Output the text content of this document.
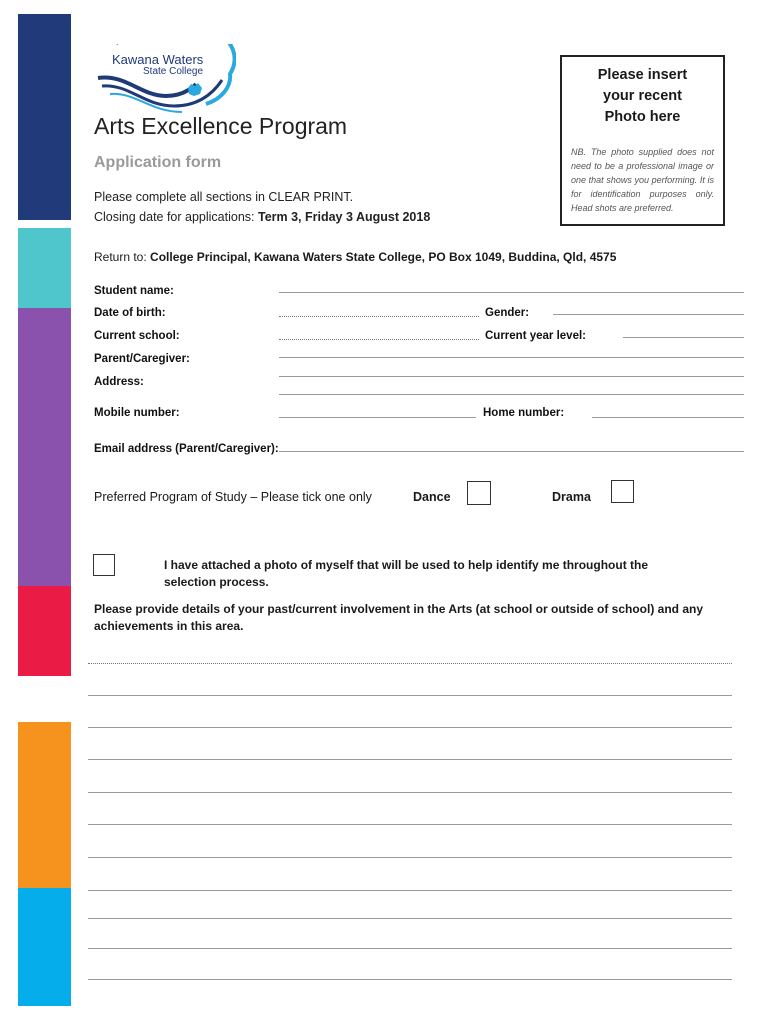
Kawana Waters
State College
Arts Excellence Program
Application form
Please complete all sections in CLEAR PRINT.
Closing date for applications: Term 3, Friday 3 August 2018
Please insert
your recent
Photo here
NB. The photo supplied does not need to be a professional image or one that shows you performing. It is for identification purposes only. Head shots are preferred.
Return to: College Principal, Kawana Waters State College, PO Box 1049, Buddina, Qld, 4575
Student name:
Date of birth:	Gender:
Current school:	Current year level:
Parent/Caregiver:
Address:
Mobile number:	Home number:
Email address (Parent/Caregiver):
Preferred Program of Study – Please tick one only	Dance	Drama
I have attached a photo of myself that will be used to help identify me throughout the selection process.
Please provide details of your past/current involvement in the Arts (at school or outside of school) and any achievements in this area.
